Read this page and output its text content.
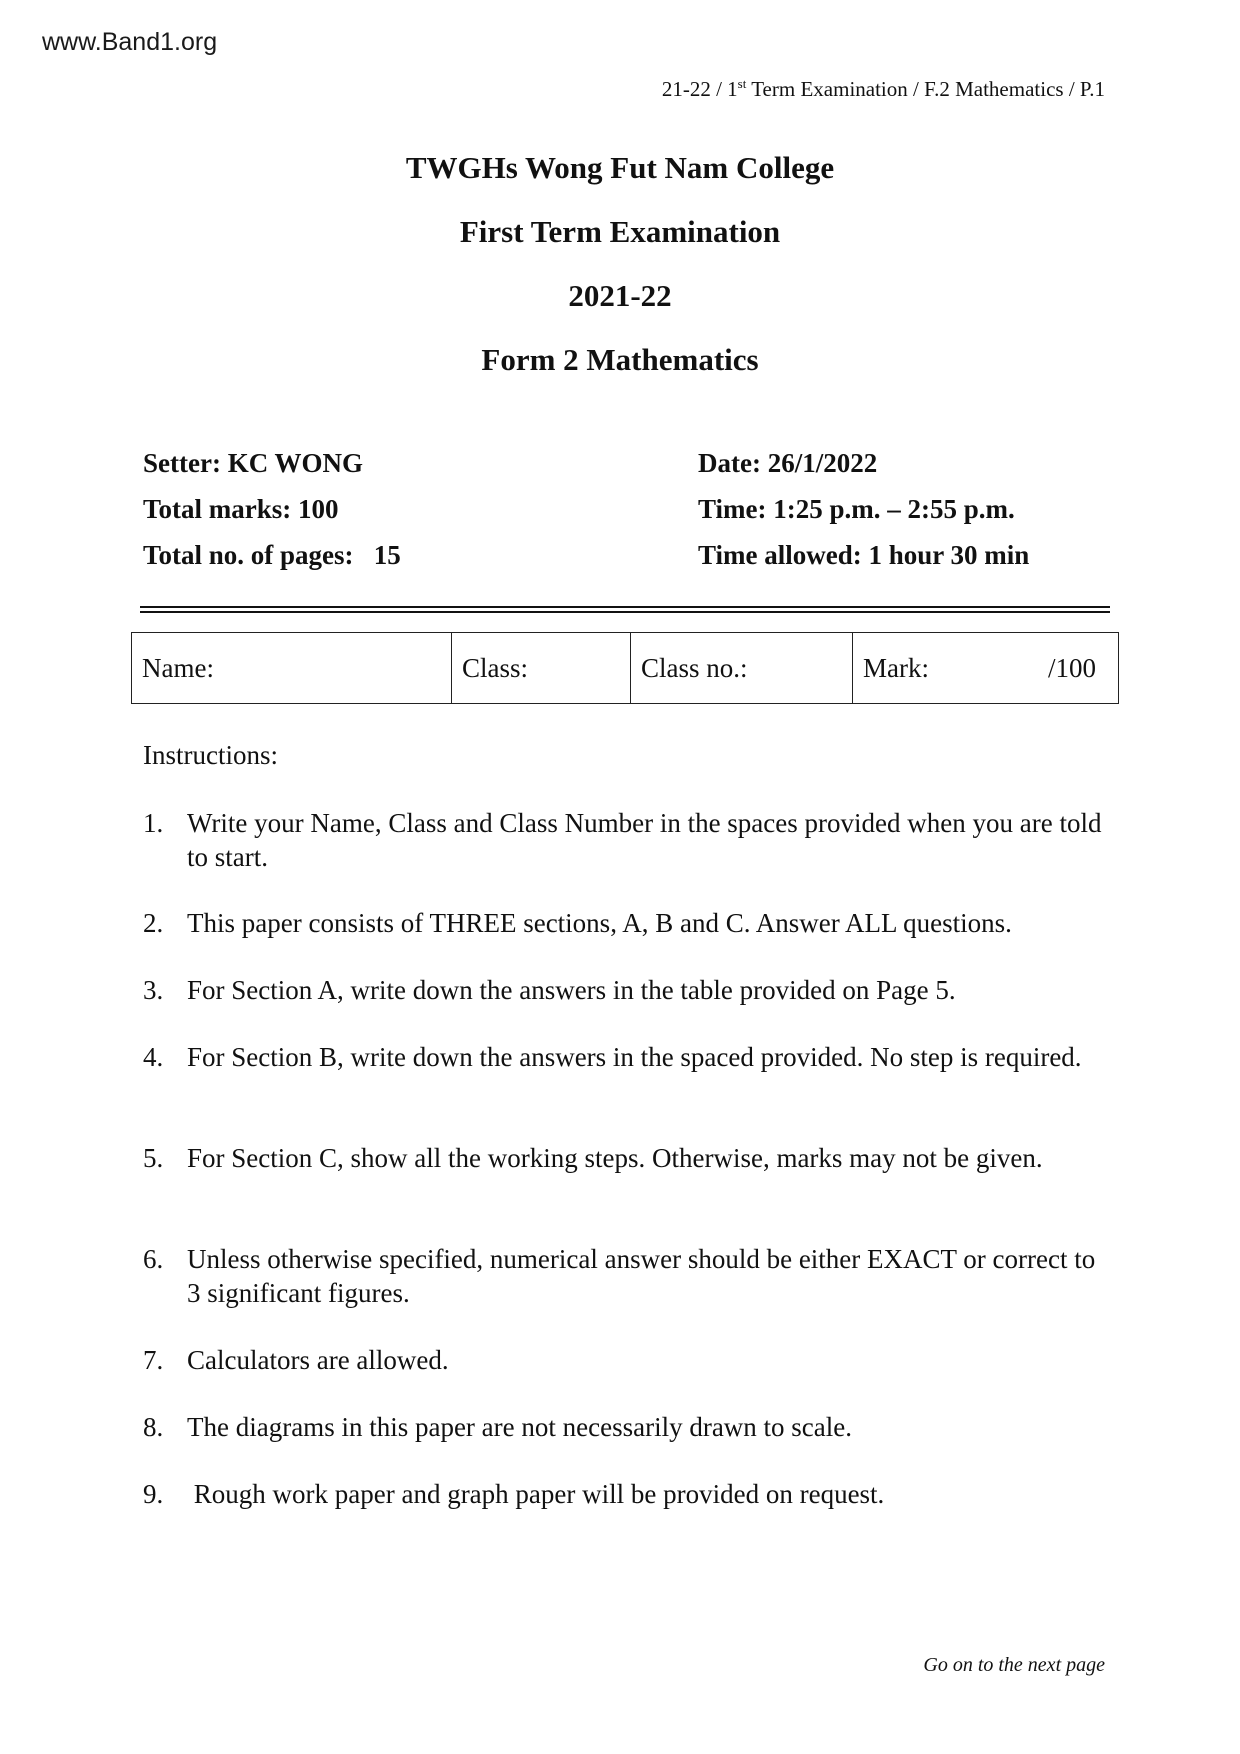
www.Band1.org
21-22 / 1st Term Examination / F.2 Mathematics / P.1
TWGHs Wong Fut Nam College
First Term Examination
2021-22
Form 2 Mathematics
Setter: KC WONG	Date: 26/1/2022
Total marks: 100	Time: 1:25 p.m. – 2:55 p.m.
Total no. of pages:   15	Time allowed: 1 hour 30 min
Name:	Class:	Class no.:	Mark:	/100
Instructions:
1. Write your Name, Class and Class Number in the spaces provided when you are told to start.
2. This paper consists of THREE sections, A, B and C. Answer ALL questions.
3. For Section A, write down the answers in the table provided on Page 5.
4. For Section B, write down the answers in the spaced provided. No step is required.
5. For Section C, show all the working steps. Otherwise, marks may not be given.
6. Unless otherwise specified, numerical answer should be either EXACT or correct to 3 significant figures.
7. Calculators are allowed.
8. The diagrams in this paper are not necessarily drawn to scale.
9. Rough work paper and graph paper will be provided on request.
Go on to the next page
